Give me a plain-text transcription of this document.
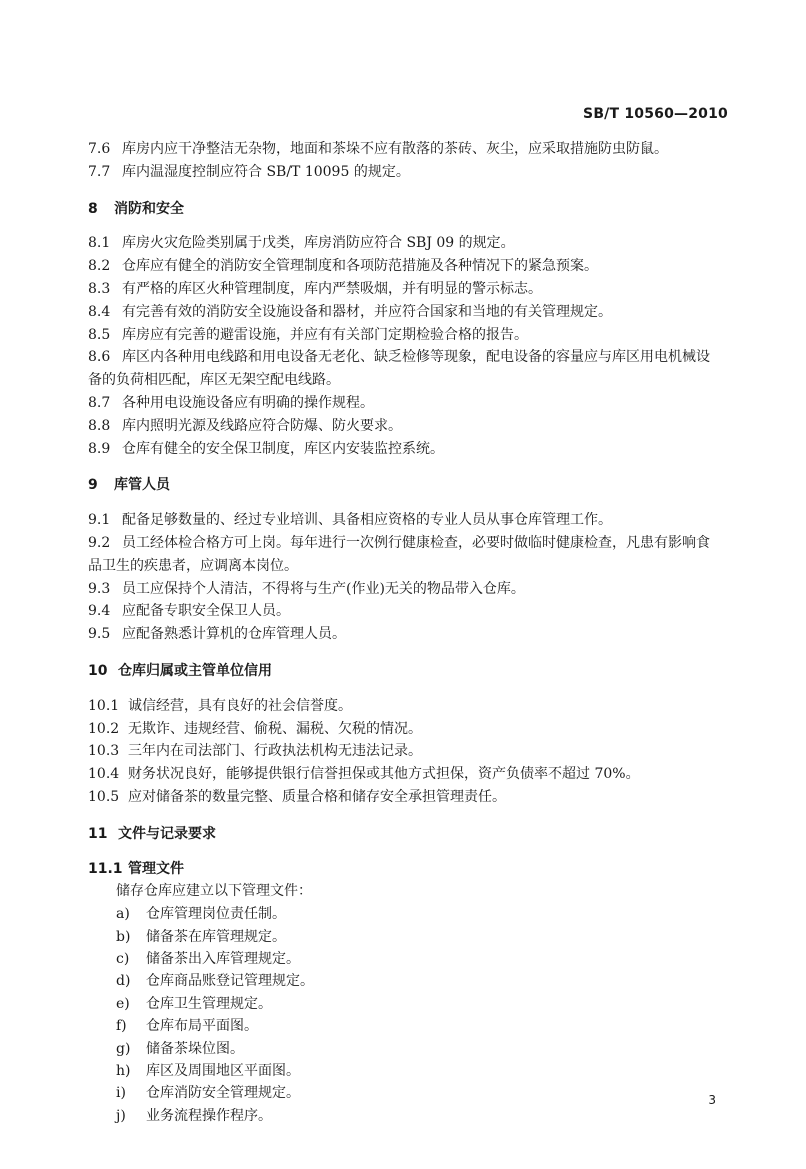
SB/T 10560—2010

7.6 库房内应干净整洁无杂物，地面和茶垛不应有散落的茶砖、灰尘，应采取措施防虫防鼠。

7.7 库内温湿度控制应符合 SB/T 10095 的规定。

8 消防和安全

8.1 库房火灾危险类别属于戊类，库房消防应符合 SBJ 09 的规定。

8.2 仓库应有健全的消防安全管理制度和各项防范措施及各种情况下的紧急预案。

8.3 有严格的库区火种管理制度，库内严禁吸烟，并有明显的警示标志。

8.4 有完善有效的消防安全设施设备和器材，并应符合国家和当地的有关管理规定。

8.5 库房应有完善的避雷设施，并应有有关部门定期检验合格的报告。

8.6 库区内各种用电线路和用电设备无老化、缺乏检修等现象，配电设备的容量应与库区用电机械设

备的负荷相匹配，库区无架空配电线路。

8.7 各种用电设施设备应有明确的操作规程。

8.8 库内照明光源及线路应符合防爆、防火要求。

8.9 仓库有健全的安全保卫制度，库区内安装监控系统。

9 库管人员

9.1 配备足够数量的、经过专业培训、具备相应资格的专业人员从事仓库管理工作。

9.2 员工经体检合格方可上岗。每年进行一次例行健康检查，必要时做临时健康检查，凡患有影响食

品卫生的疾患者，应调离本岗位。

9.3 员工应保持个人清洁，不得将与生产(作业)无关的物品带入仓库。

9.4 应配备专职安全保卫人员。

9.5 应配备熟悉计算机的仓库管理人员。

10 仓库归属或主管单位信用

10.1 诚信经营，具有良好的社会信誉度。

10.2 无欺诈、违规经营、偷税、漏税、欠税的情况。

10.3 三年内在司法部门、行政执法机构无违法记录。

10.4 财务状况良好，能够提供银行信誉担保或其他方式担保，资产负债率不超过 70%。

10.5 应对储备茶的数量完整、质量合格和储存安全承担管理责任。

11 文件与记录要求
11.1 管理文件

储存仓库应建立以下管理文件：

a) 仓库管理岗位责任制。

b) 储备茶在库管理规定。

c) 储备茶出入库管理规定。

d) 仓库商品账登记管理规定。

e) 仓库卫生管理规定。

f) 仓库布局平面图。

g) 储备茶垛位图。

h) 库区及周围地区平面图。

i) 仓库消防安全管理规定。

j) 业务流程操作程序。

3
